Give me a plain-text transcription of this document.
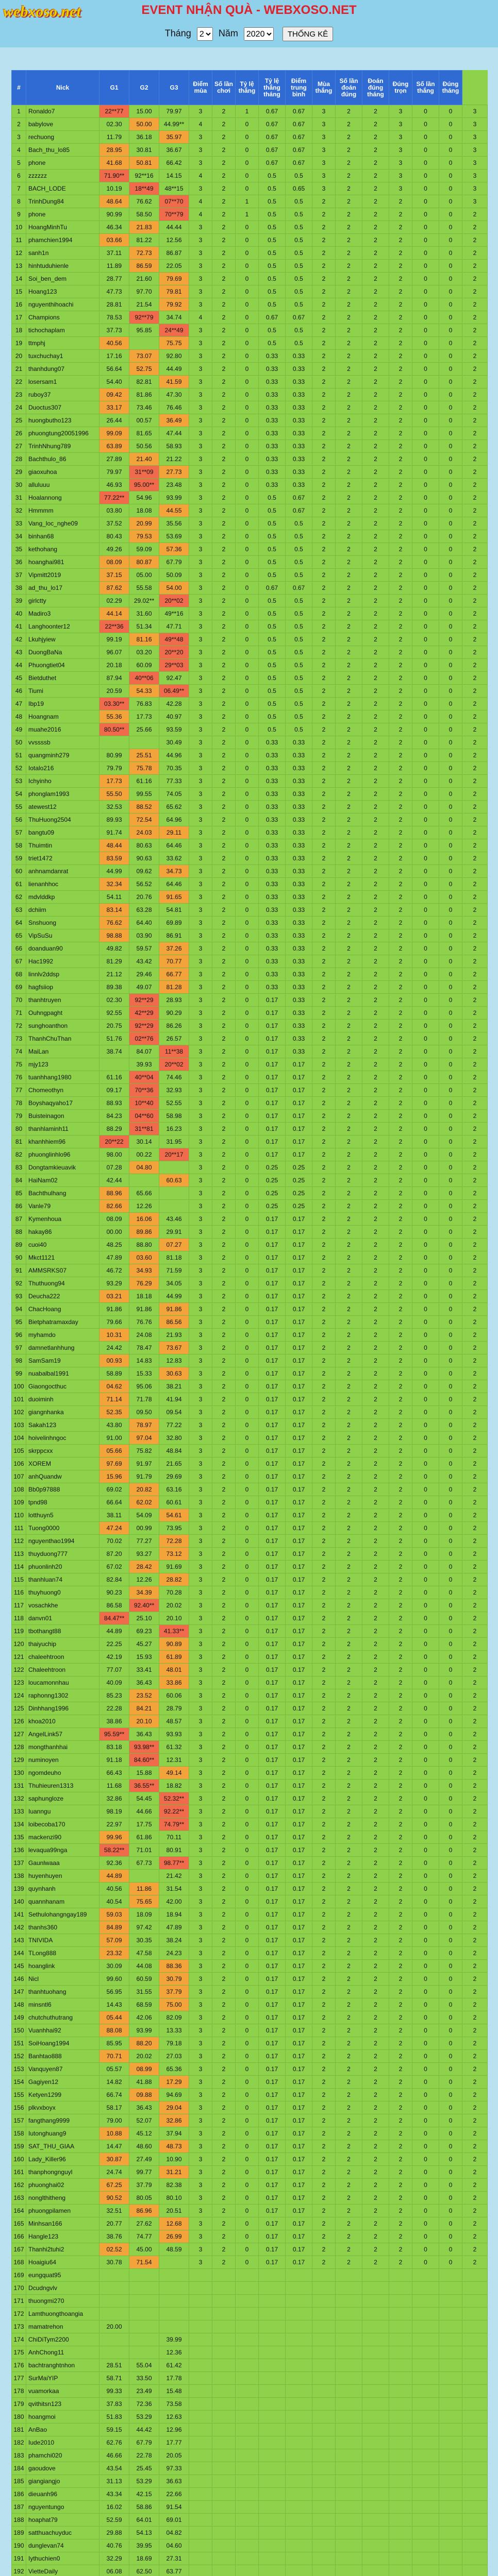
webxoso.net	EVENT NHẬN QUÀ - WEBXOSO.NET
Tháng
2	Năm
2020	THỐNG KÊ
#	Nick	G1	G2	G3	Điểm mùa	Số lần chơi	Tỷ lệ thắng	Tỷ lệ thắng tháng	Điểm trung bình	Mùa thắng	Số lần đoán đúng	Đoán đúng tháng	Đúng trọn	Số lần thắng	Đúng tháng	
1	Ronaldo7	22**77	15.00	79.97	3	2	1	0.67	0.67	3	2	2	3	0	0	3
2	babylove	02.30	50.00	44.99**	4	2	0	0.67	0.67	3	2	2	3	0	0	3
3	rechuong	11.79	36.18	35.97	3	2	0	0.67	0.67	3	2	2	3	0	0	3
4	Bach_thu_lo85	28.95	30.81	36.67	3	2	0	0.67	0.67	3	2	2	3	0	0	3
5	phone	41.68	50.81	66.42	3	2	0	0.67	0.67	3	2	2	3	0	0	3
6	zzzzzz	71.90**	92**16	14.15	4	2	0	0.5	0.5	3	2	2	3	0	0	3
7	BACH_LODE	10.19	18**49	48**15	3	2	0	0.5	0.65	3	2	2	3	0	0	3
8	TrinhDung84	48.64	76.62	07**70	4	2	1	0.5	0.5	2	2	2	2	0	0	3
9	phone	90.99	58.50	70**79	4	2	1	0.5	0.5	2	2	2	2	0	0	2
10	HoangMinhTu	46.34	21.83	44.44	3	2	0	0.5	0.5	2	2	2	2	0	0	2
11	phamchien1994	03.66	81.22	12.56	3	2	0	0.5	0.5	2	2	2	2	0	0	2
12	sanh1n	37.11	72.73	86.87	3	2	0	0.5	0.5	2	2	2	2	0	0	2
13	hinhtuduhienle	11.89	86.59	22.05	3	2	0	0.5	0.5	2	2	2	2	0	0	2
14	Soi_ben_dem	28.77	21.60	79.69	3	2	0	0.5	0.5	2	2	2	2	0	0	2
15	Hoang123	47.73	97.70	79.81	3	2	0	0.5	0.5	2	2	2	2	0	0	2
16	nguyenthihoachi	28.81	21.54	79.92	3	2	0	0.5	0.5	2	2	2	2	0	0	2
17	Champions	78.53	92**79	34.74	4	2	0	0.67	0.67	2	2	2	2	0	0	2
18	tichochaplam	37.73	95.85	24**49	3	2	0	0.5	0.5	2	2	2	2	0	0	2
19	ttmphj	40.56		75.75	3	2	0	0.5	0.5	2	2	2	2	0	0	2
20	tuxchuchay1	17.16	73.07	92.80	3	2	0	0.33	0.33	2	2	2	2	0	0	2
21	thanhdung07	56.64	52.75	44.49	3	2	0	0.33	0.33	2	2	2	2	0	0	2
22	losersam1	54.40	82.81	41.59	3	2	0	0.33	0.33	2	2	2	2	0	0	2
23	ruboy37	09.42	81.86	47.30	3	2	0	0.33	0.33	2	2	2	2	0	0	2
24	Duoctus307	33.17	73.46	76.46	3	2	0	0.33	0.33	2	2	2	2	0	0	2
25	huongbutho123	26.44	00.57	36.49	3	2	0	0.33	0.33	2	2	2	2	0	0	2
26	phuongtung20051996	99.09	81.65	47.44	3	2	0	0.33	0.33	2	2	2	2	0	0	2
27	TrinhNhung789	63.89	50.56	58.93	3	2	0	0.33	0.33	2	2	2	2	0	0	2
28	Bachthulo_86	27.89	21.40	21.22	3	2	0	0.33	0.33	2	2	2	2	0	0	2
29	giaoxuhoa	79.97	31**09	27.73	3	2	0	0.33	0.33	2	2	2	2	0	0	2
30	alluluuu	46.93	95.00**	23.48	3	2	0	0.33	0.33	2	2	2	2	0	0	2
31	Hoalannong	77.22**	54.96	93.99	3	2	0	0.5	0.67	2	2	2	2	0	0	2
32	Hmmmm	03.80	18.08	44.55	3	2	0	0.5	0.67	2	2	2	2	0	0	2
33	Vang_loc_nghe09	37.52	20.99	35.56	3	2	0	0.5	0.5	2	2	2	2	0	0	2
34	binhan68	80.43	79.53	53.69	3	2	0	0.5	0.5	2	2	2	2	0	0	2
35	kethohang	49.26	59.09	57.36	3	2	0	0.5	0.5	2	2	2	2	0	0	2
36	hoanghai981	08.09	80.87	67.79	3	2	0	0.5	0.5	2	2	2	2	0	0	2
37	Vipmitt2019	37.15	05.00	50.09	3	2	0	0.5	0.5	2	2	2	2	0	0	2
38	ad_thu_lo17	87.62	55.58	54.00	3	2	0	0.67	0.67	2	2	2	2	0	0	2
39	girlctty	02.29	29.02**	20**02	3	2	0	0.5	0.5	2	2	2	2	0	0	2
40	Madiro3	44.14	31.60	49**16	3	2	0	0.5	0.5	2	2	2	2	0	0	2
41	Langhoonter12	22**36	51.34	47.71	3	2	0	0.5	0.5	2	2	2	2	0	0	2
42	Lkuhjyiew	99.19	81.16	49**48	3	2	0	0.5	0.5	2	2	2	2	0	0	2
43	DuongBaNa	96.07	03.20	20**20	3	2	0	0.5	0.5	2	2	2	2	0	0	2
44	Phuongtiet04	20.18	60.09	29**03	3	2	0	0.5	0.5	2	2	2	2	0	0	2
45	Bietduthet	87.94	40**06	92.47	3	2	0	0.5	0.5	2	2	2	2	0	0	2
46	Tiumi	20.59	54.33	06.49**	3	2	0	0.5	0.5	2	2	2	2	0	0	2
47	Ibp19	03.30**	76.83	42.28	3	2	0	0.5	0.5	2	2	2	2	0	0	2
48	Hoangnam	55.36	17.73	40.97	3	2	0	0.5	0.5	2	2	2	2	0	0	2
49	muahe2016	80.50**	25.66	93.59	3	2	0	0.5	0.5	2	2	2	2	0	0	2
50	vvssssb			30.49	3	2	0	0.33	0.33	2	2	2	2	0	0	2
51	quangminh279	80.99	25.51	44.96	3	2	0	0.33	0.33	2	2	2	2	0	0	2
52	Iotalo216	79.79	75.78	70.35	3	2	0	0.33	0.33	2	2	2	2	0	0	2
53	Ichyinho	17.73	61.16	77.33	3	2	0	0.33	0.33	2	2	2	2	0	0	2
54	phonglam1993	55.50	99.55	74.05	3	2	0	0.33	0.33	2	2	2	2	0	0	2
55	atewest12	32.53	88.52	65.62	3	2	0	0.33	0.33	2	2	2	2	0	0	2
56	ThuHuong2504	89.93	72.54	64.96	3	2	0	0.33	0.33	2	2	2	2	0	0	2
57	bangtu09	91.74	24.03	29.11	3	2	0	0.33	0.33	2	2	2	2	0	0	2
58	Thuimtin	48.44	80.63	64.46	3	2	0	0.33	0.33	2	2	2	2	0	0	2
59	triet1472	83.59	90.63	33.62	3	2	0	0.33	0.33	2	2	2	2	0	0	2
60	anhnamdanrat	44.99	09.62	34.73	3	2	0	0.33	0.33	2	2	2	2	0	0	2
61	lienanhhoc	32.34	56.52	64.46	3	2	0	0.33	0.33	2	2	2	2	0	0	2
62	mdvlddkp	54.11	20.76	91.65	3	2	0	0.33	0.33	2	2	2	2	0	0	2
63	dchiim	83.14	63.28	54.81	3	2	0	0.33	0.33	2	2	2	2	0	0	2
64	Snshuong	76.62	64.40	69.89	3	2	0	0.33	0.33	2	2	2	2	0	0	2
65	VipSuSu	98.88	03.90	86.91	3	2	0	0.33	0.33	2	2	2	2	0	0	2
66	doanduan90	49.82	59.57	37.26	3	2	0	0.33	0.33	2	2	2	2	0	0	2
67	Hac1992	81.29	43.42	70.77	3	2	0	0.33	0.33	2	2	2	2	0	0	2
68	linnlv2ddsp	21.12	29.46	66.77	3	2	0	0.33	0.33	2	2	2	2	0	0	2
69	hagfsiiop	89.38	49.07	81.28	3	2	0	0.33	0.33	2	2	2	2	0	0	2
70	thanhtruyen	02.30	92**29	28.93	3	2	0	0.17	0.33	2	2	2	2	0	0	2
71	Ouhngpaght	92.55	42**29	90.29	3	2	0	0.17	0.33	2	2	2	2	0	0	2
72	sunghoanthon	20.75	92**29	86.26	3	2	0	0.17	0.33	2	2	2	2	0	0	2
73	ThanhChuThan	51.76	02**76	26.57	3	2	0	0.17	0.33	2	2	2	2	0	0	2
74	MaiLan	38.74	84.07	11**38	3	2	0	0.17	0.33	2	2	2	2	0	0	2
75	mjy123		39.93	20**02	3	2	0	0.17	0.17	2	2	2	2	0	0	2
76	tuanhhang1980	61.16	40**04	74.46	3	2	0	0.17	0.17	2	2	2	2	0	0	2
77	Chomeothyn	09.17	70**36	32.93	3	2	0	0.17	0.17	2	2	2	2	0	0	2
78	Boyshaqyaho17	88.93	10**40	52.55	3	2	0	0.17	0.17	2	2	2	2	0	0	2
79	Buisteinagon	84.23	04**60	58.98	3	2	0	0.17	0.17	2	2	2	2	0	0	2
80	thanhlaminh11	88.29	31**81	16.23	3	2	0	0.17	0.17	2	2	2	2	0	0	2
81	khanhhiem96	20**22	30.14	31.95	3	2	0	0.17	0.17	2	2	2	2	0	0	2
82	phuonglinhlo96	98.00	00.22	20**17	3	2	0	0.17	0.17	2	2	2	2	0	0	2
83	Dongtamkieuavik	07.28	04.80		3	2	0	0.25	0.25	2	2	2	2	0	0	2
84	HaiNam02	42.44		60.63	3	2	0	0.25	0.25	2	2	2	2	0	0	2
85	Bachthulhang	88.96	65.66		3	2	0	0.25	0.25	2	2	2	2	0	0	2
86	Vanle79	82.66	12.26		3	2	0	0.25	0.25	2	2	2	2	0	0	2
87	Kymenhoua	08.09	16.06	43.46	3	2	0	0.17	0.17	2	2	2	2	0	0	2
88	hakay86	00.00	89.86	29.91	3	2	0	0.17	0.17	2	2	2	2	0	0	2
89	cuoi40	48.25	88.80	07.27	3	2	0	0.17	0.17	2	2	2	2	0	0	2
90	Mkct1121	47.89	03.60	81.18	3	2	0	0.17	0.17	2	2	2	2	0	0	2
91	AMMSRKS07	46.72	34.93	71.59	3	2	0	0.17	0.17	2	2	2	2	0	0	2
92	Thuthuong94	93.29	76.29	34.05	3	2	0	0.17	0.17	2	2	2	2	0	0	2
93	Deucha222	03.21	18.18	44.99	3	2	0	0.17	0.17	2	2	2	2	0	0	2
94	ChacHoang	91.86	91.86	91.86	3	2	0	0.17	0.17	2	2	2	2	0	0	2
95	Bietphatramaxday	79.66	76.76	86.56	3	2	0	0.17	0.17	2	2	2	2	0	0	2
96	myhamdo	10.31	24.08	21.93	3	2	0	0.17	0.17	2	2	2	2	0	0	2
97	damnetlanhhung	24.42	78.47	73.67	3	2	0	0.17	0.17	2	2	2	2	0	0	2
98	SamSam19	00.93	14.83	12.83	3	2	0	0.17	0.17	2	2	2	2	0	0	2
99	nuabalbal1991	58.89	15.33	30.63	3	2	0	0.17	0.17	2	2	2	2	0	0	2
100	Giaongocthuc	04.62	95.06	38.21	3	2	0	0.17	0.17	2	2	2	2	0	0	2
101	duoiminh	71.14	71.78	41.94	3	2	0	0.17	0.17	2	2	2	2	0	0	2
102	giangnhanka	52.35	09.50	09.54	3	2	0	0.17	0.17	2	2	2	2	0	0	2
103	Sakah123	43.80	78.97	77.22	3	2	0	0.17	0.17	2	2	2	2	0	0	2
104	hoivelinhngoc	91.00	97.04	32.80	3	2	0	0.17	0.17	2	2	2	2	0	0	2
105	skrppcxx	05.66	75.82	48.84	3	2	0	0.17	0.17	2	2	2	2	0	0	2
106	XOREM	97.69	91.97	21.65	3	2	0	0.17	0.17	2	2	2	2	0	0	2
107	anhQuandw	15.96	91.79	29.69	3	2	0	0.17	0.17	2	2	2	2	0	0	2
108	Bb0p97888	69.02	20.82	63.16	3	2	0	0.17	0.17	2	2	2	2	0	0	2
109	tpnd98	66.64	62.02	60.61	3	2	0	0.17	0.17	2	2	2	2	0	0	2
110	lotthuyn5	38.11	54.09	54.61	3	2	0	0.17	0.17	2	2	2	2	0	0	2
111	Tuong0000	47.24	00.99	73.95	3	2	0	0.17	0.17	2	2	2	2	0	0	2
112	nguyenthao1994	70.02	77.27	72.28	3	2	0	0.17	0.17	2	2	2	2	0	0	2
113	thuyduong777	87.20	93.27	73.12	3	2	0	0.17	0.17	2	2	2	2	0	0	2
114	phuonlinh20	67.02	28.42	91.69	3	2	0	0.17	0.17	2	2	2	2	0	0	2
115	thanhluan74	82.84	12.26	28.82	3	2	0	0.17	0.17	2	2	2	2	0	0	2
116	thuyhuong0	90.23	34.39	70.28	3	2	0	0.17	0.17	2	2	2	2	0	0	2
117	vosachkhe	86.58	92.40**	20.02	3	2	0	0.17	0.17	2	2	2	2	0	0	2
118	danvn01	84.47**	25.10	20.10	3	2	0	0.17	0.17	2	2	2	2	0	0	2
119	tbothangt88	44.89	69.23	41.33**	3	2	0	0.17	0.17	2	2	2	2	0	0	2
120	thaiyuchip	22.25	45.27	90.89	3	2	0	0.17	0.17	2	2	2	2	0	0	2
121	chaleehtroon	42.19	15.93	61.89	3	2	0	0.17	0.17	2	2	2	2	0	0	2
122	Chaleehtroon	77.07	33.41	48.01	3	2	0	0.17	0.17	2	2	2	2	0	0	2
123	loucamonnhau	40.09	36.43	33.86	3	2	0	0.17	0.17	2	2	2	2	0	0	2
124	raphonng1302	85.23	23.52	60.06	3	2	0	0.17	0.17	2	2	2	2	0	0	2
125	Dinhhang1996	22.28	84.21	28.79	3	2	0	0.17	0.17	2	2	2	2	0	0	2
126	khoa2010	38.86	20.10	48.57	3	2	0	0.17	0.17	2	2	2	2	0	0	2
127	AngelLink57	95.59**	36.43	93.93	3	2	0	0.17	0.17	2	2	2	2	0	0	2
128	mongthanhhai	83.18	93.98**	61.32	3	2	0	0.17	0.17	2	2	2	2	0	0	2
129	numinoyen	91.18	84.60**	12.31	3	2	0	0.17	0.17	2	2	2	2	0	0	2
130	ngomdeuho	66.43	15.88	49.14	3	2	0	0.17	0.17	2	2	2	2	0	0	2
131	Thuhieuren1313	11.68	36.55**	18.82	3	2	0	0.17	0.17	2	2	2	2	0	0	2
132	saphungloze	32.86	54.45	52.32**	3	2	0	0.17	0.17	2	2	2	2	0	0	2
133	Iuanngu	98.19	44.66	92.22**	3	2	0	0.17	0.17	2	2	2	2	0	0	2
134	loibecoba170	22.97	17.75	74.79**	3	2	0	0.17	0.17	2	2	2	2	0	0	2
135	mackenzi90	99.96	61.86	70.11	3	2	0	0.17	0.17	2	2	2	2	0	0	2
136	levaqua99nga	58.22**	71.01	80.91	3	2	0	0.17	0.17	2	2	2	2	0	0	2
137	Gaunlwaaa	92.36	67.73	98.77**	3	2	0	0.17	0.17	2	2	2	2	0	0	2
138	huyenhuyen	44.89		21.42	3	2	0	0.17	0.17	2	2	2	2	0	0	2
139	quynhanh	40.56	11.86	31.54	3	2	0	0.17	0.17	2	2	2	2	0	0	2
140	quannhanam	40.54	75.65	42.00	3	2	0	0.17	0.17	2	2	2	2	0	0	2
141	Sethulohangngay189	59.03	18.09	18.94	3	2	0	0.17	0.17	2	2	2	2	0	0	2
142	thanhs360	84.89	97.42	47.89	3	2	0	0.17	0.17	2	2	2	2	0	0	2
143	TNIVIDA	57.09	30.35	38.24	3	2	0	0.17	0.17	2	2	2	2	0	0	2
144	TLong888	23.32	47.58	24.23	3	2	0	0.17	0.17	2	2	2	2	0	0	2
145	hoanglink	30.09	44.08	88.36	3	2	0	0.17	0.17	2	2	2	2	0	0	2
146	Nicl	99.60	60.59	30.79	3	2	0	0.17	0.17	2	2	2	2	0	0	2
147	thanhtuohang	56.95	31.55	37.79	3	2	0	0.17	0.17	2	2	2	2	0	0	2
148	minsntl6	14.43	68.59	75.00	3	2	0	0.17	0.17	2	2	2	2	0	0	2
149	chutchuthutrang	05.44	42.06	82.09	3	2	0	0.17	0.17	2	2	2	2	0	0	2
150	Vuanhhai92	88.08	93.99	13.33	3	2	0	0.17	0.17	2	2	2	2	0	0	2
151	SoiHoang1994	85.95	88.20	79.18	3	2	0	0.17	0.17	2	2	2	2	0	0	2
152	Banhtao888	70.71	20.02	27.03	3	2	0	0.17	0.17	2	2	2	2	0	0	2
153	Vanquyen87	05.57	08.99	65.36	3	2	0	0.17	0.17	2	2	2	2	0	0	2
154	Gagiyen12	14.82	41.88	17.29	3	2	0	0.17	0.17	2	2	2	2	0	0	2
155	Ketyen1299	66.74	09.88	94.69	3	2	0	0.17	0.17	2	2	2	2	0	0	2
156	plkvxboyx	58.17	36.43	29.04	3	2	0	0.17	0.17	2	2	2	2	0	0	2
157	fangthang9999	79.00	52.07	32.86	3	2	0	0.17	0.17	2	2	2	2	0	0	2
158	Iutonghuang9	10.88	45.12	37.94	3	2	0	0.17	0.17	2	2	2	2	0	0	2
159	SAT_THU_GIAA	14.47	48.60	48.73	3	2	0	0.17	0.17	2	2	2	2	0	0	2
160	Lady_Killer96	30.87	27.49	10.90	3	2	0	0.17	0.17	2	2	2	2	0	0	2
161	thanphongnguyl	24.74	99.77	31.21	3	2	0	0.17	0.17	2	2	2	2	0	0	2
162	phuonghai02	67.25	37.79	82.38	3	2	0	0.17	0.17	2	2	2	2	0	0	2
163	nonglthitheng	90.52	80.05	80.10	3	2	0	0.17	0.17	2	2	2	2	0	0	2
164	phuongpilamen	32.51	86.96	20.51	3	2	0	0.17	0.17	2	2	2	2	0	0	2
165	Minhsan166	20.77	27.62	12.68	3	2	0	0.17	0.17	2	2	2	2	0	0	2
166	Hangle123	38.76	74.77	26.99	3	2	0	0.17	0.17	2	2	2	2	0	0	2
167	Thanhi2tuhi2	02.52	45.00	48.59	3	2	0	0.17	0.17	2	2	2	2	0	0	2
168	Hoaigiu64	30.78	71.54		3	2	0	0.17	0.17	2	2	2	2	0	0	2
169	eungquat95															
170	Dcudngvlv															
171	thuongmi270															
172	Lamthuongthoangia															
173	mamatrehon	20.00														
174	ChiDiTym2200			39.99												
175	AnhChong11			12.36												
176	bachtranghtnhon	28.51	55.04	61.42												
177	SurMaiYIP	58.71	33.50	17.78												
178	vuamorkaa	99.33	23.49	15.48												
179	qvithitsn123	37.83	72.36	73.58												
180	hoangmoi	51.83	53.29	12.63												
181	AnBao	59.15	44.42	12.96												
182	Iude2010	62.76	67.79	17.77												
183	phamchi020	46.66	22.78	20.05												
184	gaoudove	43.54	25.45	97.33												
185	giangiangjo	31.13	53.29	36.63												
186	dieuanh96	43.34	42.15	22.66												
187	nguyentungo	16.02	58.86	91.54												
188	hoaphat79	52.59	64.01	69.01												
189	satthuachuyduc	29.88	54.13	04.82												
190	dunglevan74	40.76	39.95	04.60												
191	Iythuchien0	32.29	18.69	27.31												
192	VietteDaily	06.08	62.50	63.77												
